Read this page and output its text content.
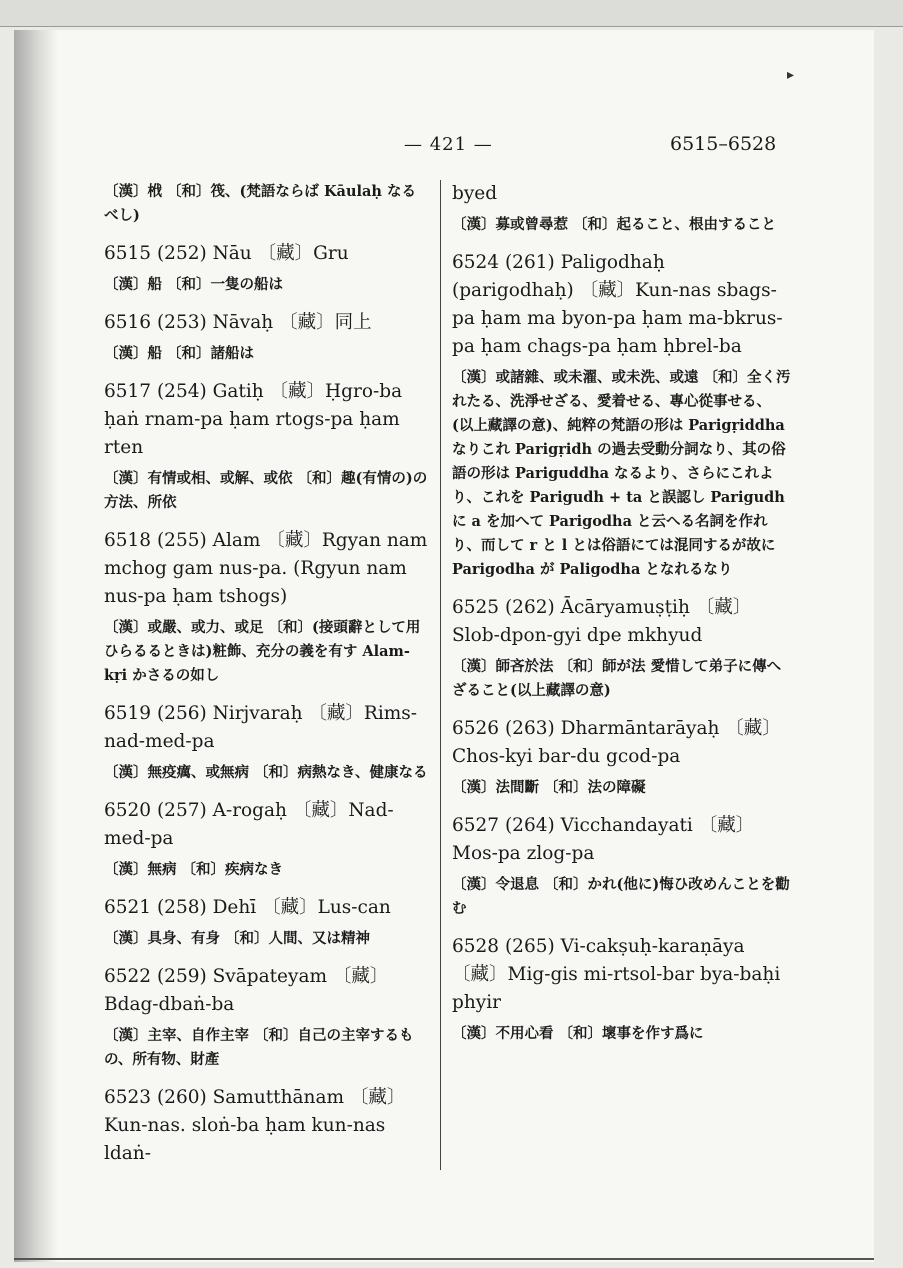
▸
— 421 —	6515–6528
〔漢〕栰 〔和〕筏、(梵語ならば Kāulaḥ なるべし)
6515 (252) Nāu 〔藏〕Gru
〔漢〕船 〔和〕一隻の船は
6516 (253) Nāvaḥ 〔藏〕同上
〔漢〕船 〔和〕諸船は
6517 (254) Gatiḥ 〔藏〕Ḥgro-ba ḥaṅ rnam-pa ḥam rtogs-pa ḥam rten
〔漢〕有情或相、或解、或依 〔和〕趣(有情の)の方法、所依
6518 (255) Alam 〔藏〕Rgyan nam mchog gam nus-pa. (Rgyun nam nus-pa ḥam tshogs)
〔漢〕或嚴、或力、或足 〔和〕(接頭辭として用ひらるるときは)粧飾、充分の義を有す Alam-kṛi かさるの如し
6519 (256) Nirjvaraḥ 〔藏〕Rims-nad-med-pa
〔漢〕無疫癘、或無病 〔和〕病熱なき、健康なる
6520 (257) A-rogaḥ 〔藏〕Nad-med-pa
〔漢〕無病 〔和〕疾病なき
6521 (258) Dehī 〔藏〕Lus-can
〔漢〕具身、有身 〔和〕人間、又は精神
6522 (259) Svāpateyam 〔藏〕Bdag-dbaṅ-ba
〔漢〕主宰、自作主宰 〔和〕自己の主宰するもの、所有物、財產
6523 (260) Samutthānam 〔藏〕Kun-nas. sloṅ-ba ḥam kun-nas ldaṅ-
byed
〔漢〕募或曾尋惹 〔和〕起ること、根由すること
6524 (261) Paligodhaḥ (parigodhaḥ) 〔藏〕Kun-nas sbags-pa ḥam ma byon-pa ḥam ma-bkrus-pa ḥam chags-pa ḥam ḥbrel-ba
〔漢〕或諸雜、或未濯、或未洗、或遠 〔和〕全く汚れたる、洗淨せざる、愛着せる、專心從事せる、(以上藏譯の意)、純粹の梵語の形は Parigṛiddha なりこれ Parigṛidh の過去受動分詞なり、其の俗語の形は Pariguddha なるより、さらにこれより、これを Parigudh + ta と誤認し Parigudh に a を加へて Parigodha と云へる名詞を作れり、而して r と l とは俗語にては混同するが故に Parigodha が Paligodha となれるなり
6525 (262) Ācāryamuṣṭiḥ 〔藏〕Slob-dpon-gyi dpe mkhyud
〔漢〕師吝於法 〔和〕師が法 愛惜して弟子に傳へざること(以上藏譯の意)
6526 (263) Dharmāntarāyaḥ 〔藏〕Chos-kyi bar-du gcod-pa
〔漢〕法間斷 〔和〕法の障礙
6527 (264) Vicchandayati 〔藏〕Mos-pa zlog-pa
〔漢〕令退息 〔和〕かれ(他に)悔ひ改めんことを勸む
6528 (265) Vi-cakṣuḥ-karaṇāya 〔藏〕Mig-gis mi-rtsol-bar bya-baḥi phyir
〔漢〕不用心看 〔和〕壞事を作す爲に
